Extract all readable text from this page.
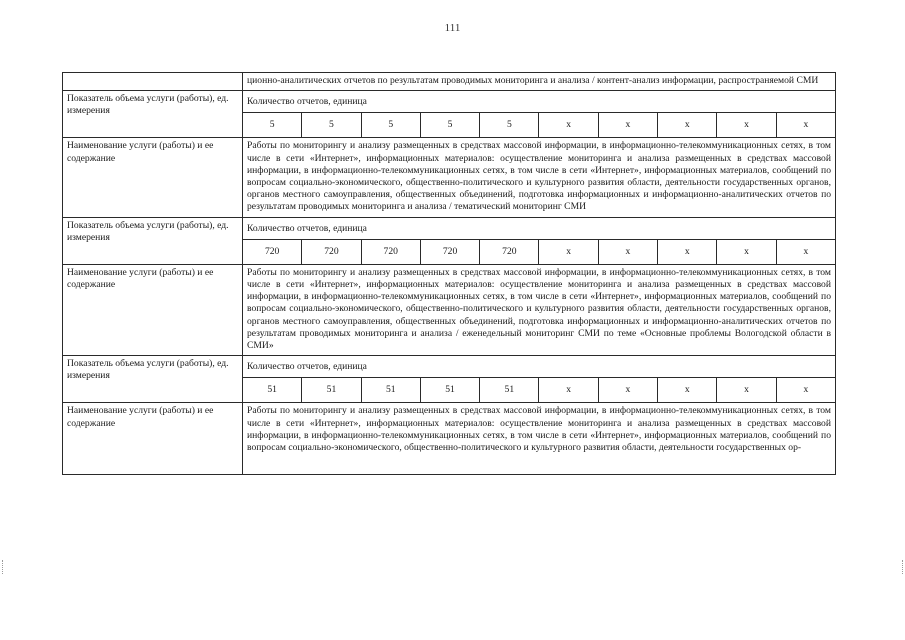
111
	ционно-аналитических отчетов по результатам проводимых мониторинга и анализа / контент-анализ информации, распространяемой СМИ									
Показатель объема услуги (работы), ед. измерения	Количество отчетов, единица									
	5	5	5	5	5	x	x	x	x	x
Наименование услуги (работы) и ее содержание	Работы по мониторингу и анализу размещенных в средствах массовой информации, в информационно-телекоммуникационных сетях, в том числе в сети «Интернет», информационных материалов: осуществление мониторинга и анализа размещенных в средствах массовой информации, в информационно-телекоммуникационных сетях, в том числе в сети «Интернет», информационных материалов, сообщений по вопросам социально-экономического, общественно-политического и культурного развития области, деятельности государственных органов, органов местного самоуправления, общественных объединений, подготовка информационных и информационно-аналитических отчетов по результатам проводимых мониторинга и анализа / тематический мониторинг СМИ									
Показатель объема услуги (работы), ед. измерения	Количество отчетов, единица									
	720	720	720	720	720	x	x	x	x	x
Наименование услуги (работы) и ее содержание	Работы по мониторингу и анализу размещенных в средствах массовой информации, в информационно-телекоммуникационных сетях, в том числе в сети «Интернет», информационных материалов: осуществление мониторинга и анализа размещенных в средствах массовой информации, в информационно-телекоммуникационных сетях, в том числе в сети «Интернет», информационных материалов, сообщений по вопросам социально-экономического, общественно-политического и культурного развития области, деятельности государственных органов, органов местного самоуправления, общественных объединений, подготовка информационных и информационно-аналитических отчетов по результатам проводимых мониторинга и анализа / еженедельный мониторинг СМИ по теме «Основные проблемы Вологодской области в СМИ»									
Показатель объема услуги (работы), ед. измерения	Количество отчетов, единица									
	51	51	51	51	51	x	x	x	x	x
Наименование услуги (работы) и ее содержание	Работы по мониторингу и анализу размещенных в средствах массовой информации, в информационно-телекоммуникационных сетях, в том числе в сети «Интернет», информационных материалов: осуществление мониторинга и анализа размещенных в средствах массовой информации, в информационно-телекоммуникационных сетях, в том числе в сети «Интернет», информационных материалов, сообщений по вопросам социально-экономического, общественно-политического и культурного развития области, деятельности государственных ор-									
